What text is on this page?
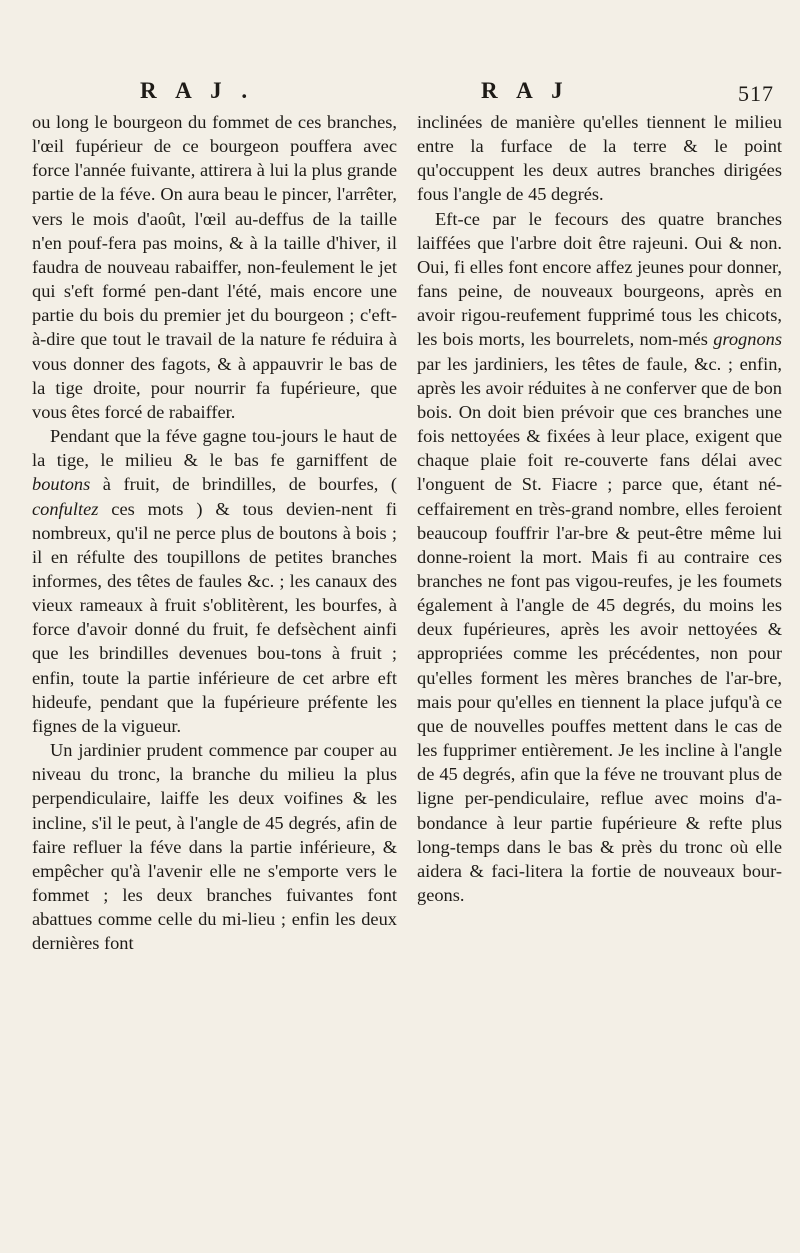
R A J .

ou long le bourgeon du fommet de ces branches, l'œil fupérieur de ce bourgeon pouffera avec force l'année fuivante, attirera à lui la plus grande partie de la féve. On aura beau le pincer, l'arrêter, vers le mois d'août, l'œil au-deffus de la taille n'en pouf-fera pas moins, & à la taille d'hiver, il faudra de nouveau rabaiffer, non-feulement le jet qui s'eft formé pen-dant l'été, mais encore une partie du bois du premier jet du bourgeon ; c'eft-à-dire que tout le travail de la nature fe réduira à vous donner des fagots, & à appauvrir le bas de la tige droite, pour nourrir fa fupérieure, que vous êtes forcé de rabaiffer.

Pendant que la féve gagne tou-jours le haut de la tige, le milieu & le bas fe garniffent de boutons à fruit, de brindilles, de bourfes, ( confultez ces mots ) & tous devien-nent fi nombreux, qu'il ne perce plus de boutons à bois ; il en réfulte des toupillons de petites branches informes, des têtes de faules &c. ; les canaux des vieux rameaux à fruit s'oblitèrent, les bourfes, à force d'avoir donné du fruit, fe defsèchent ainfi que les brindilles devenues bou-tons à fruit ; enfin, toute la partie inférieure de cet arbre eft hideufe, pendant que la fupérieure préfente les fignes de la vigueur.

Un jardinier prudent commence par couper au niveau du tronc, la branche du milieu la plus perpendiculaire, laiffe les deux voifines & les incline, s'il le peut, à l'angle de 45 degrés, afin de faire refluer la féve dans la partie inférieure, & empêcher qu'à l'avenir elle ne s'emporte vers le fommet ; les deux branches fuivantes font abattues comme celle du mi-lieu ; enfin les deux dernières font

R A J	517

inclinées de manière qu'elles tiennent le milieu entre la furface de la terre & le point qu'occuppent les deux autres branches dirigées fous l'angle de 45 degrés.

Eft-ce par le fecours des quatre branches laiffées que l'arbre doit être rajeuni. Oui & non. Oui, fi elles font encore affez jeunes pour donner, fans peine, de nouveaux bourgeons, après en avoir rigou-reufement fupprimé tous les chicots, les bois morts, les bourrelets, nom-més grognons par les jardiniers, les têtes de faule, &c. ; enfin, après les avoir réduites à ne conferver que de bon bois. On doit bien prévoir que ces branches une fois nettoyées & fixées à leur place, exigent que chaque plaie foit re-couverte fans délai avec l'onguent de St. Fiacre ; parce que, étant né-ceffairement en très-grand nombre, elles feroient beaucoup fouffrir l'ar-bre & peut-être même lui donne-roient la mort. Mais fi au contraire ces branches ne font pas vigou-reufes, je les foumets également à l'angle de 45 degrés, du moins les deux fupérieures, après les avoir nettoyées & appropriées comme les précédentes, non pour qu'elles forment les mères branches de l'ar-bre, mais pour qu'elles en tiennent la place jufqu'à ce que de nouvelles pouffes mettent dans le cas de les fupprimer entièrement. Je les incline à l'angle de 45 degrés, afin que la féve ne trouvant plus de ligne per-pendiculaire, reflue avec moins d'a-bondance à leur partie fupérieure & refte plus long-temps dans le bas & près du tronc où elle aidera & faci-litera la fortie de nouveaux bour-geons.
